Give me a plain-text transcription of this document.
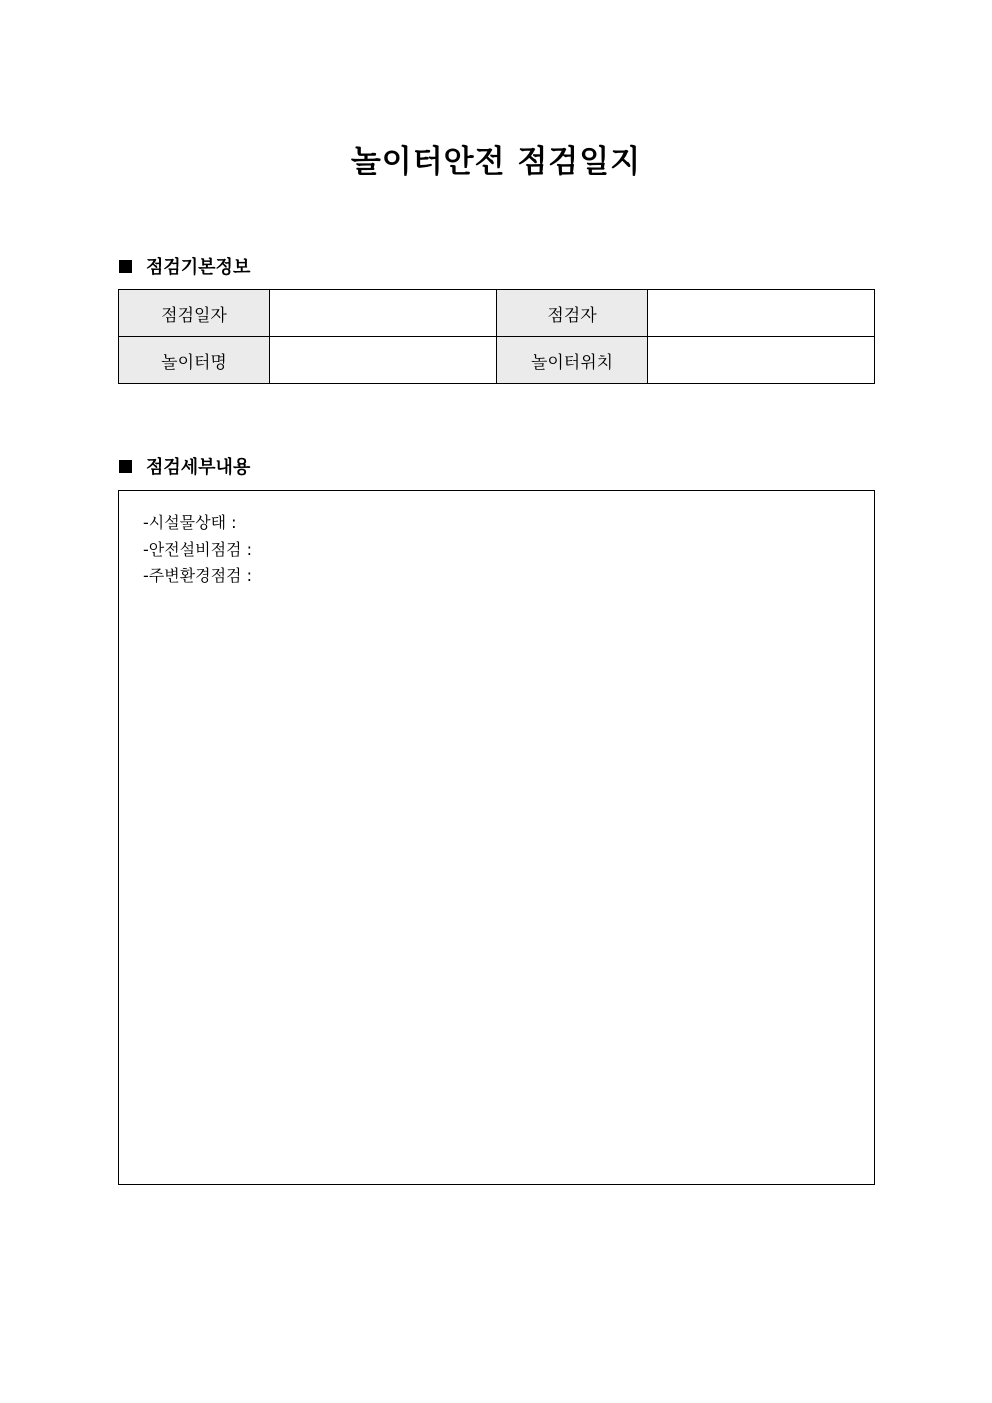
놀이터안전 점검일지
점검기본정보
점검일자		점검자	
놀이터명		놀이터위치	
점검세부내용
-시설물상태 :
-안전설비점검 :
-주변환경점검 :
